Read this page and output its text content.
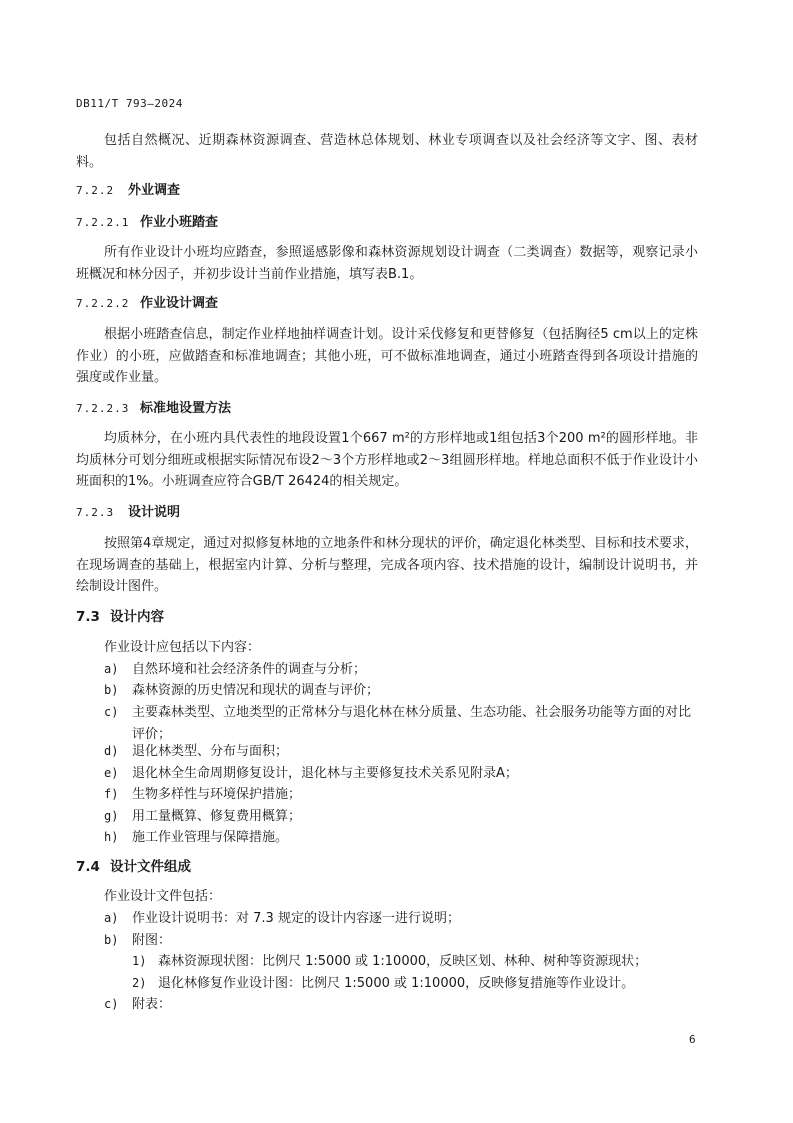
DB11/T 793—2024
包括自然概况、近期森林资源调查、营造林总体规划、林业专项调查以及社会经济等文字、图、表材料。
7.2.2 外业调查
7.2.2.1 作业小班踏查
所有作业设计小班均应踏查，参照遥感影像和森林资源规划设计调查（二类调查）数据等，观察记录小班概况和林分因子，并初步设计当前作业措施，填写表B.1。
7.2.2.2 作业设计调查
根据小班踏查信息，制定作业样地抽样调查计划。设计采伐修复和更替修复（包括胸径5 cm以上的定株作业）的小班，应做踏查和标准地调查；其他小班，可不做标准地调查，通过小班踏查得到各项设计措施的强度或作业量。
7.2.2.3 标准地设置方法
均质林分，在小班内具代表性的地段设置1个667 m²的方形样地或1组包括3个200 m²的圆形样地。非均质林分可划分细班或根据实际情况布设2～3个方形样地或2～3组圆形样地。样地总面积不低于作业设计小班面积的1%。小班调查应符合GB/T 26424的相关规定。
7.2.3 设计说明
按照第4章规定，通过对拟修复林地的立地条件和林分现状的评价，确定退化林类型、目标和技术要求，在现场调查的基础上，根据室内计算、分析与整理，完成各项内容、技术措施的设计，编制设计说明书，并绘制设计图件。
7.3 设计内容
作业设计应包括以下内容：
a) 自然环境和社会经济条件的调查与分析；
b) 森林资源的历史情况和现状的调查与评价；
c) 主要森林类型、立地类型的正常林分与退化林在林分质量、生态功能、社会服务功能等方面的对比评价；
d) 退化林类型、分布与面积；
e) 退化林全生命周期修复设计，退化林与主要修复技术关系见附录A；
f) 生物多样性与环境保护措施；
g) 用工量概算、修复费用概算；
h) 施工作业管理与保障措施。
7.4 设计文件组成
作业设计文件包括：
a) 作业设计说明书：对 7.3 规定的设计内容逐一进行说明；
b) 附图：
1) 森林资源现状图：比例尺 1:5000 或 1:10000，反映区划、林种、树种等资源现状；
2) 退化林修复作业设计图：比例尺 1:5000 或 1:10000，反映修复措施等作业设计。
c) 附表：
6
